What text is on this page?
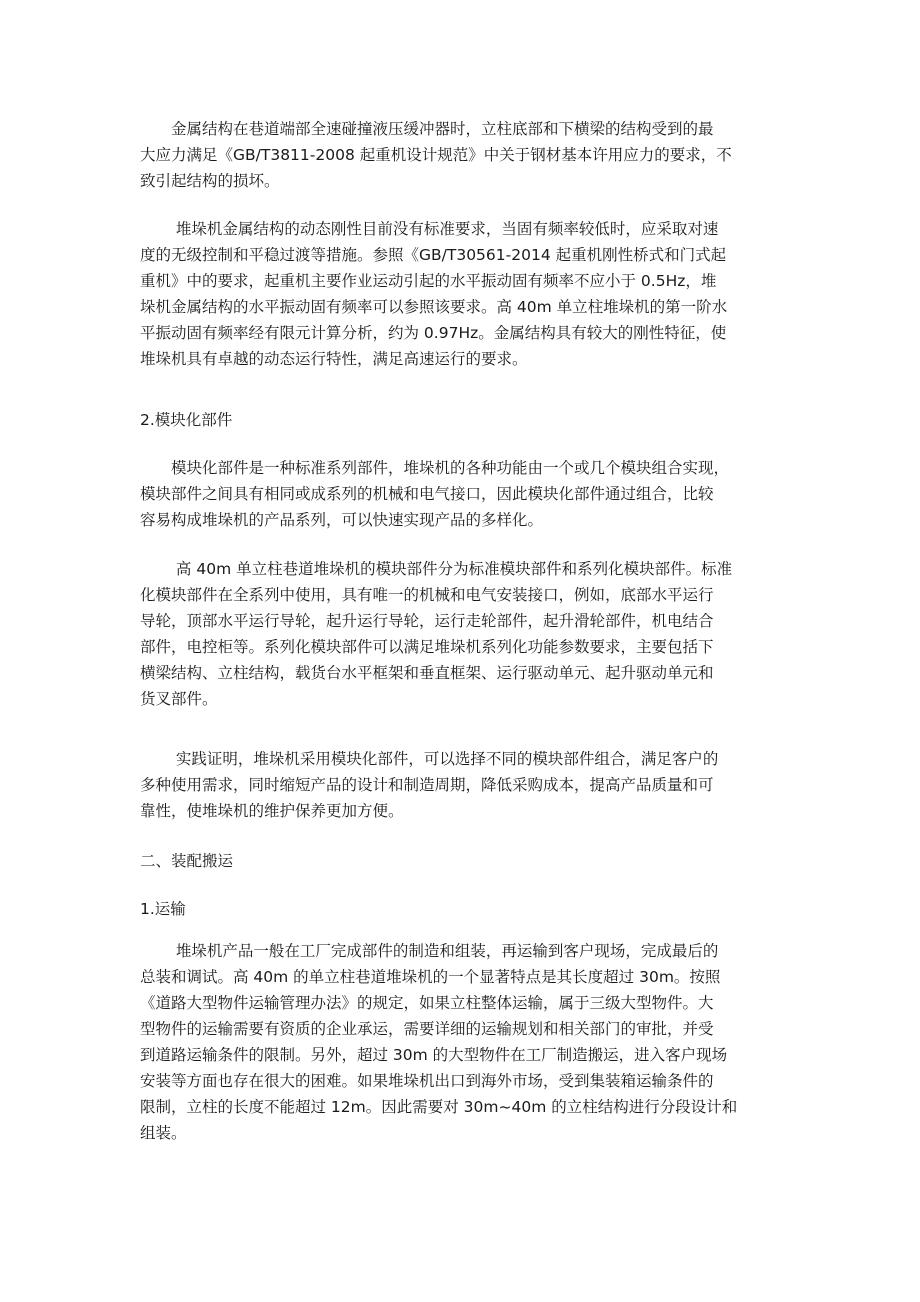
　　金属结构在巷道端部全速碰撞液压缓冲器时，立柱底部和下横梁的结构受到的最
大应力满足《GB/T3811-2008 起重机设计规范》中关于钢材基本许用应力的要求，不
致引起结构的损坏。
　　 堆垛机金属结构的动态刚性目前没有标准要求，当固有频率较低时，应采取对速
度的无级控制和平稳过渡等措施。参照《GB/T30561-2014 起重机刚性桥式和门式起
重机》中的要求，起重机主要作业运动引起的水平振动固有频率不应小于 0.5Hz，堆
垛机金属结构的水平振动固有频率可以参照该要求。高 40m 单立柱堆垛机的第一阶水
平振动固有频率经有限元计算分析，约为 0.97Hz。金属结构具有较大的刚性特征，使
堆垛机具有卓越的动态运行特性，满足高速运行的要求。
2.模块化部件
　　模块化部件是一种标准系列部件，堆垛机的各种功能由一个或几个模块组合实现，
模块部件之间具有相同或成系列的机械和电气接口，因此模块化部件通过组合，比较
容易构成堆垛机的产品系列，可以快速实现产品的多样化。
　　 高 40m 单立柱巷道堆垛机的模块部件分为标准模块部件和系列化模块部件。标准
化模块部件在全系列中使用，具有唯一的机械和电气安装接口，例如，底部水平运行
导轮，顶部水平运行导轮，起升运行导轮，运行走轮部件，起升滑轮部件，机电结合
部件，电控柜等。系列化模块部件可以满足堆垛机系列化功能参数要求，主要包括下
横梁结构、立柱结构，载货台水平框架和垂直框架、运行驱动单元、起升驱动单元和
货叉部件。
　　 实践证明，堆垛机采用模块化部件，可以选择不同的模块部件组合，满足客户的
多种使用需求，同时缩短产品的设计和制造周期，降低采购成本，提高产品质量和可
靠性，使堆垛机的维护保养更加方便。
二、装配搬运
1.运输
　　 堆垛机产品一般在工厂完成部件的制造和组装，再运输到客户现场，完成最后的
总装和调试。高 40m 的单立柱巷道堆垛机的一个显著特点是其长度超过 30m。按照
《道路大型物件运输管理办法》的规定，如果立柱整体运输，属于三级大型物件。大
型物件的运输需要有资质的企业承运，需要详细的运输规划和相关部门的审批，并受
到道路运输条件的限制。另外，超过 30m 的大型物件在工厂制造搬运，进入客户现场
安装等方面也存在很大的困难。如果堆垛机出口到海外市场，受到集装箱运输条件的
限制，立柱的长度不能超过 12m。因此需要对 30m~40m 的立柱结构进行分段设计和
组装。
